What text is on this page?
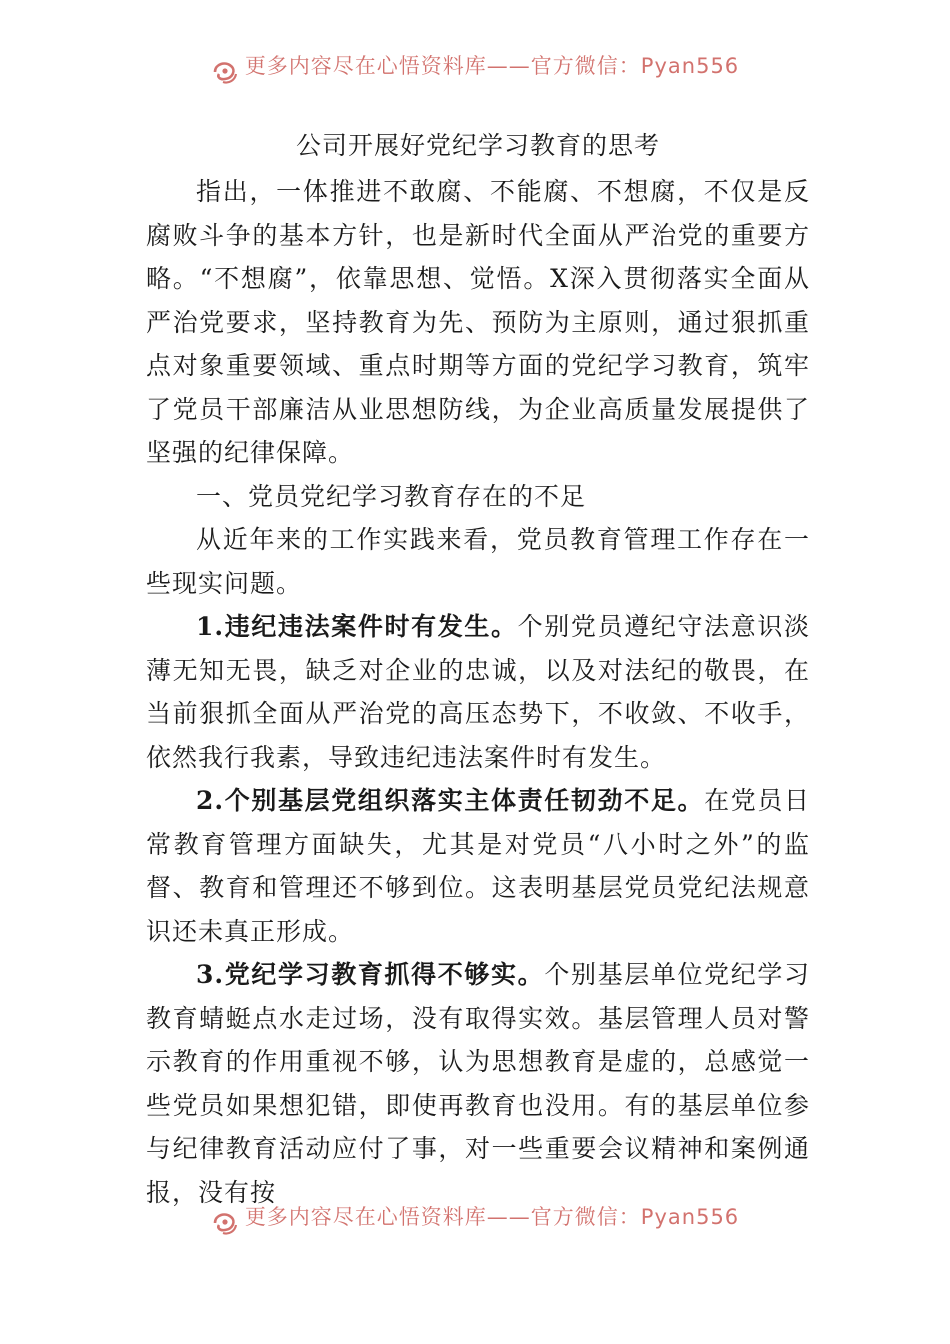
更多内容尽在心悟资料库——官方微信：Pyan556
公司开展好党纪学习教育的思考

指出，一体推进不敢腐、不能腐、不想腐，不仅是反腐败斗争的基本方针，也是新时代全面从严治党的重要方略。“不想腐”，依靠思想、觉悟。X深入贯彻落实全面从严治党要求，坚持教育为先、预防为主原则，通过狠抓重点对象重要领域、重点时期等方面的党纪学习教育，筑牢了党员干部廉洁从业思想防线，为企业高质量发展提供了坚强的纪律保障。

一、党员党纪学习教育存在的不足

从近年来的工作实践来看，党员教育管理工作存在一些现实问题。

1.违纪违法案件时有发生。个别党员遵纪守法意识淡薄无知无畏，缺乏对企业的忠诚，以及对法纪的敬畏，在当前狠抓全面从严治党的高压态势下，不收敛、不收手，依然我行我素，导致违纪违法案件时有发生。

2.个别基层党组织落实主体责任韧劲不足。在党员日常教育管理方面缺失，尤其是对党员“八小时之外”的监督、教育和管理还不够到位。这表明基层党员党纪法规意识还未真正形成。

3.党纪学习教育抓得不够实。个别基层单位党纪学习教育蜻蜓点水走过场，没有取得实效。基层管理人员对警示教育的作用重视不够，认为思想教育是虚的，总感觉一些党员如果想犯错，即使再教育也没用。有的基层单位参与纪律教育活动应付了事，对一些重要会议精神和案例通报，没有按

更多内容尽在心悟资料库——官方微信：Pyan556
